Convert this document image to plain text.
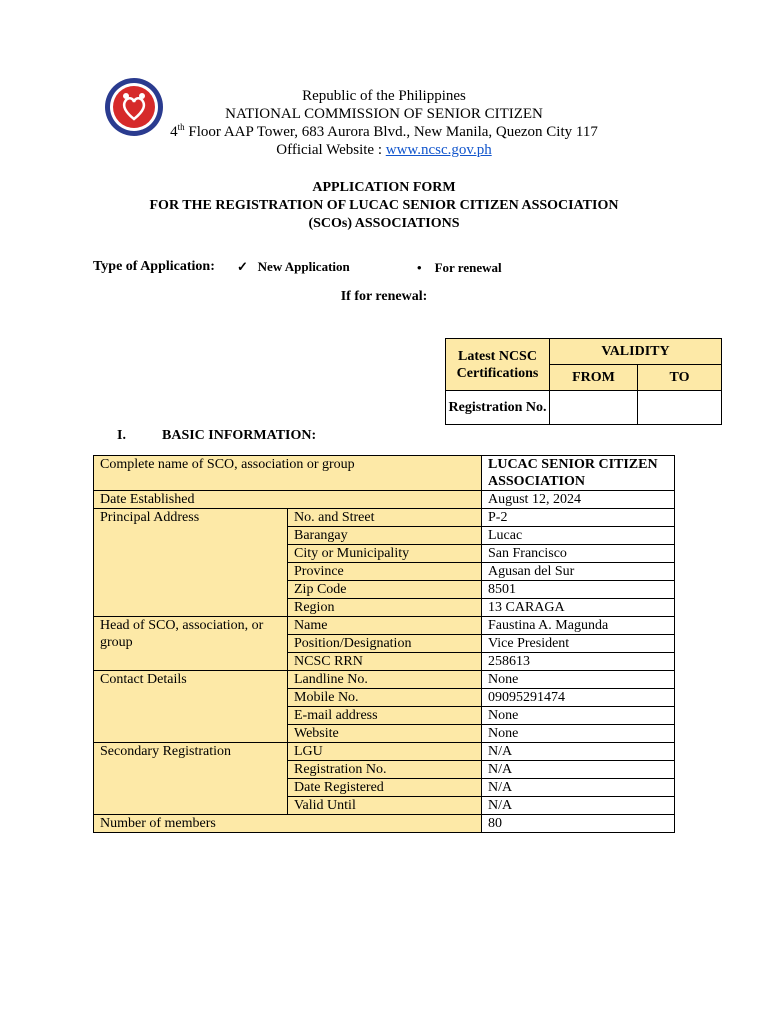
Republic of the Philippines
NATIONAL COMMISSION OF SENIOR CITIZEN
4th Floor AAP Tower, 683 Aurora Blvd., New Manila, Quezon City 117
Official Website : www.ncsc.gov.ph
APPLICATION FORM
FOR THE REGISTRATION OF LUCAC SENIOR CITIZEN ASSOCIATION
(SCOs) ASSOCIATIONS
Type of Application: ✓ New Application	• For renewal
If for renewal:
Latest NCSC Certifications	VALIDITY	
	FROM	TO
Registration No.		
I.	BASIC INFORMATION:
Complete name of SCO, association or group		LUCAC SENIOR CITIZEN ASSOCIATION
Date Established		August 12, 2024
Principal Address	No. and Street	P-2
	Barangay	Lucac
	City or Municipality	San Francisco
	Province	Agusan del Sur
	Zip Code	8501
	Region	13 CARAGA
Head of SCO, association, or group	Name	Faustina A. Magunda
	Position/Designation	Vice President
	NCSC RRN	258613
Contact Details	Landline No.	None
	Mobile No.	09095291474
	E-mail address	None
	Website	None
Secondary Registration	LGU	N/A
	Registration No.	N/A
	Date Registered	N/A
	Valid Until	N/A
Number of members		80
